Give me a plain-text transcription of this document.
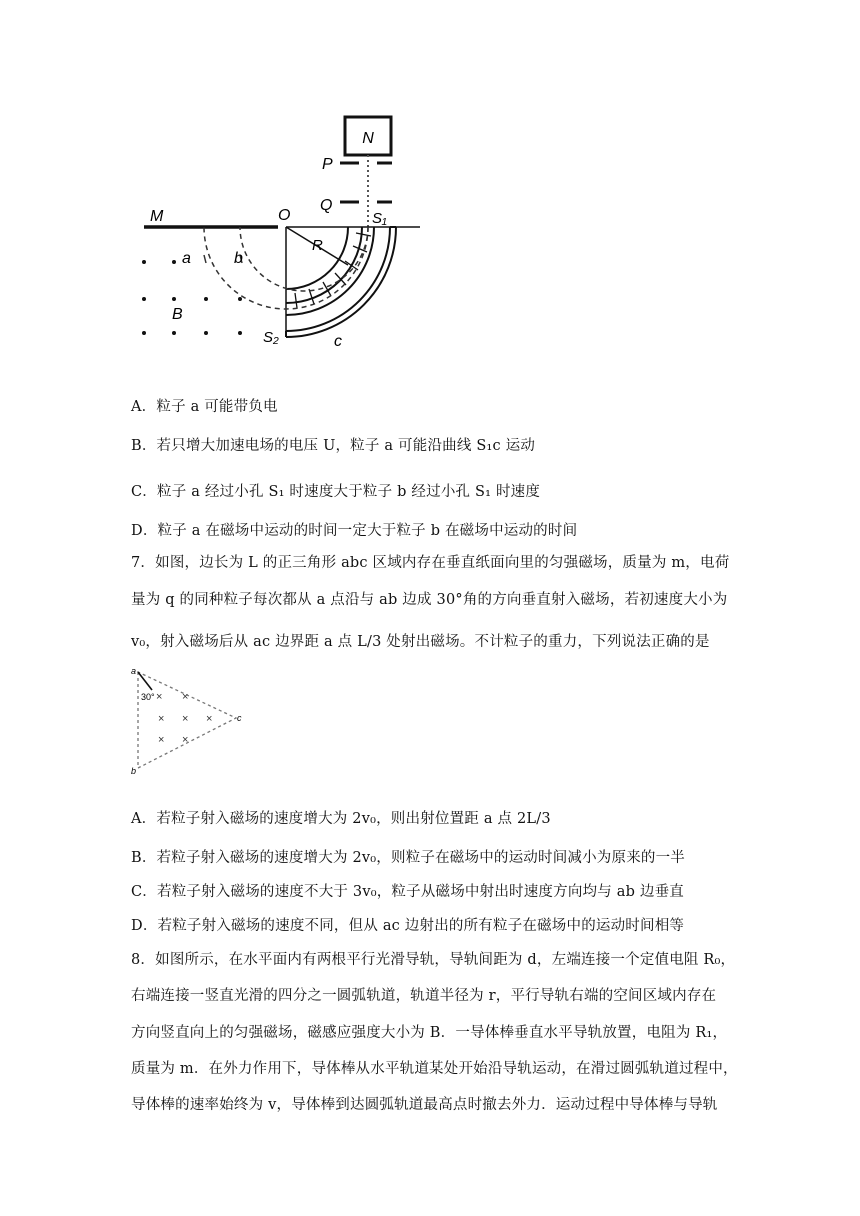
N
P
Q
M	O	S₁
R
a	b
B
S₂	c
A．粒子 a 可能带负电
B．若只增大加速电场的电压 U，粒子 a 可能沿曲线 S₁c 运动
C．粒子 a 经过小孔 S₁ 时速度大于粒子 b 经过小孔 S₁ 时速度
D．粒子 a 在磁场中运动的时间一定大于粒子 b 在磁场中运动的时间
7．如图，边长为 L 的正三角形 abc 区域内存在垂直纸面向里的匀强磁场，质量为 m，电荷
量为 q 的同种粒子每次都从 a 点沿与 ab 边成 30°角的方向垂直射入磁场，若初速度大小为
v₀，射入磁场后从 ac 边界距 a 点 L/3 处射出磁场。不计粒子的重力，下列说法正确的是
a
b
c
30° × ×
× × ×
× ×
A．若粒子射入磁场的速度增大为 2v₀，则出射位置距 a 点 2L/3
B．若粒子射入磁场的速度增大为 2v₀，则粒子在磁场中的运动时间减小为原来的一半
C．若粒子射入磁场的速度不大于 3v₀，粒子从磁场中射出时速度方向均与 ab 边垂直
D．若粒子射入磁场的速度不同，但从 ac 边射出的所有粒子在磁场中的运动时间相等
8．如图所示，在水平面内有两根平行光滑导轨，导轨间距为 d，左端连接一个定值电阻 R₀，
右端连接一竖直光滑的四分之一圆弧轨道，轨道半径为 r，平行导轨右端的空间区域内存在
方向竖直向上的匀强磁场，磁感应强度大小为 B．一导体棒垂直水平导轨放置，电阻为 R₁，
质量为 m．在外力作用下，导体棒从水平轨道某处开始沿导轨运动，在滑过圆弧轨道过程中，
导体棒的速率始终为 v，导体棒到达圆弧轨道最高点时撤去外力．运动过程中导体棒与导轨
